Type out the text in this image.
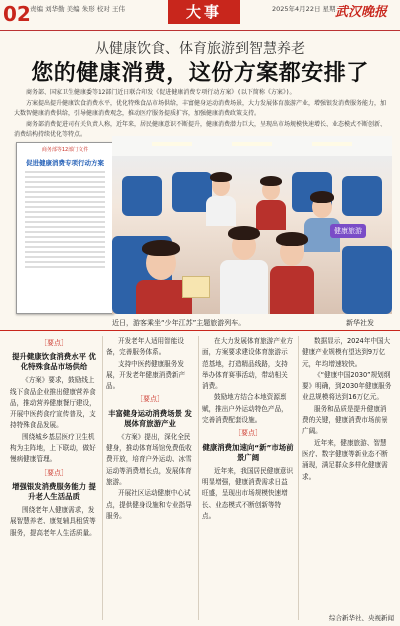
02 责编 刘华勤 美编 朱形 校对 王伟	大事	2025年4月22日 星期二
武汉晚报
从健康饮食、体育旅游到智慧养老
您的健康消费，这份方案都安排了

商务部、国家卫生健康委等12部门近日联合印发《促进健康消费专项行动方案》(以下简称《方案》)。

方案提出提升健康饮食消费水平，优化特殊食品市场供给，丰富健身运动消费场景，大力发展体育旅游产业，增强银发消费服务能力，加大数智健康消费供给，引导健康消费观念，推动医疗服务提质扩容，加强健康消费政策支持。

商务部消费促进司有关负责人称，近年来，居民健康意识不断提升，健康消费潜力巨大，呈现出市场规模快速增长、业态模式不断创新、消费结构持续优化等特点。

商务部等12部门文件
促进健康消费专项行动方案
健康旅游
近日，游客乘坐“少年江苏”主题旅游列车。	新华社发
［要点］
提升健康饮食消费水平 优化特殊食品市场供给

《方案》要求，鼓励线上线下食品企业推出健康营养食品，推动营养健康餐厅建设，开展中医药食疗宣传普及，支持特殊食品发展。

围绕城乡基层医疗卫生机构为主阵地，上下联动，做好慢病健康管理。

［要点］
增强银发消费服务能力 提升老人生活品质

围绕老年人健康需求，发展智慧养老、康复辅具租赁等服务，提高老年人生活质量。

开发老年人适用智能设备，完善服务体系。

支持中医药健康服务发展，开发老年健康消费新产品。

［要点］
丰富健身运动消费场景 发展体育旅游产业

《方案》提出，深化全民健身，推动体育场馆免费低收费开放，培育户外运动、冰雪运动等消费增长点，发展体育旅游。

开展社区运动健康中心试点，提供健身设施和专业指导服务。

在大力发展体育旅游产业方面，方案要求建设体育旅游示范基地，打造精品线路，支持举办体育赛事活动，带动相关消费。

鼓励地方结合本地资源禀赋，推出户外运动特色产品，完善消费配套设施。

［要点］
健康消费加速向“新”市场前景广阔

近年来，我国居民健康意识明显增强，健康消费需求日益旺盛，呈现出市场规模快速增长、业态模式不断创新等特点。

数据显示，2024年中国大健康产业规模有望达到9万亿元，年均增速较快。

《“健康中国2030”规划纲要》明确，到2030年健康服务业总规模将达到16万亿元。

服务和品质是提升健康消费的关键，健康消费市场前景广阔。

近年来，健康旅游、智慧医疗、数字健康等新业态不断涌现，满足群众多样化健康需求。

综合新华社、央视新闻
